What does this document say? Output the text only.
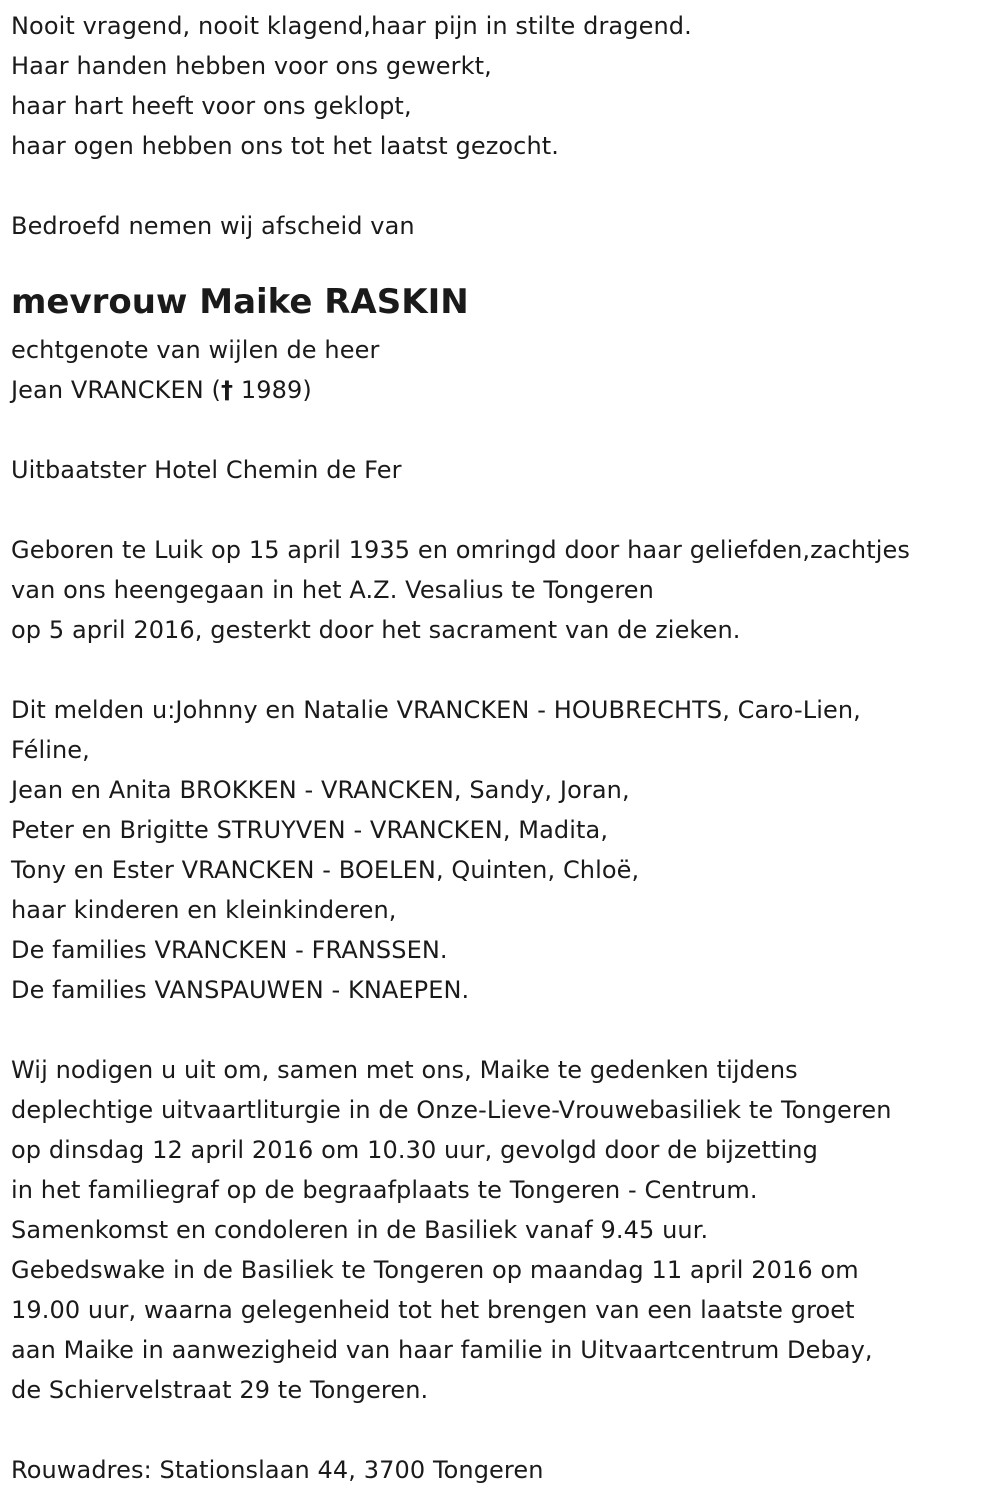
Nooit vragend, nooit klagend,haar pijn in stilte dragend.
Haar handen hebben voor ons gewerkt,
haar hart heeft voor ons geklopt,
haar ogen hebben ons tot het laatst gezocht.
Bedroefd nemen wij afscheid van
mevrouw Maike RASKIN
echtgenote van wijlen de heer
Jean VRANCKEN († 1989)
Uitbaatster Hotel Chemin de Fer
Geboren te Luik op 15 april 1935 en omringd door haar geliefden,zachtjes
van ons heengegaan in het A.Z. Vesalius te Tongeren
op 5 april 2016, gesterkt door het sacrament van de zieken.
Dit melden u:Johnny en Natalie VRANCKEN - HOUBRECHTS, Caro-Lien,
Féline,
Jean en Anita BROKKEN - VRANCKEN, Sandy, Joran,
Peter en Brigitte STRUYVEN - VRANCKEN, Madita,
Tony en Ester VRANCKEN - BOELEN, Quinten, Chloë,
haar kinderen en kleinkinderen,
De families VRANCKEN - FRANSSEN.
De families VANSPAUWEN - KNAEPEN.
Wij nodigen u uit om, samen met ons, Maike te gedenken tijdens
deplechtige uitvaartliturgie in de Onze-Lieve-Vrouwebasiliek te Tongeren
op dinsdag 12 april 2016 om 10.30 uur, gevolgd door de bijzetting
in het familiegraf op de begraafplaats te Tongeren - Centrum.
Samenkomst en condoleren in de Basiliek vanaf 9.45 uur.
Gebedswake in de Basiliek te Tongeren op maandag 11 april 2016 om
19.00 uur, waarna gelegenheid tot het brengen van een laatste groet
aan Maike in aanwezigheid van haar familie in Uitvaartcentrum Debay,
de Schiervelstraat 29 te Tongeren.
Rouwadres: Stationslaan 44, 3700 Tongeren
